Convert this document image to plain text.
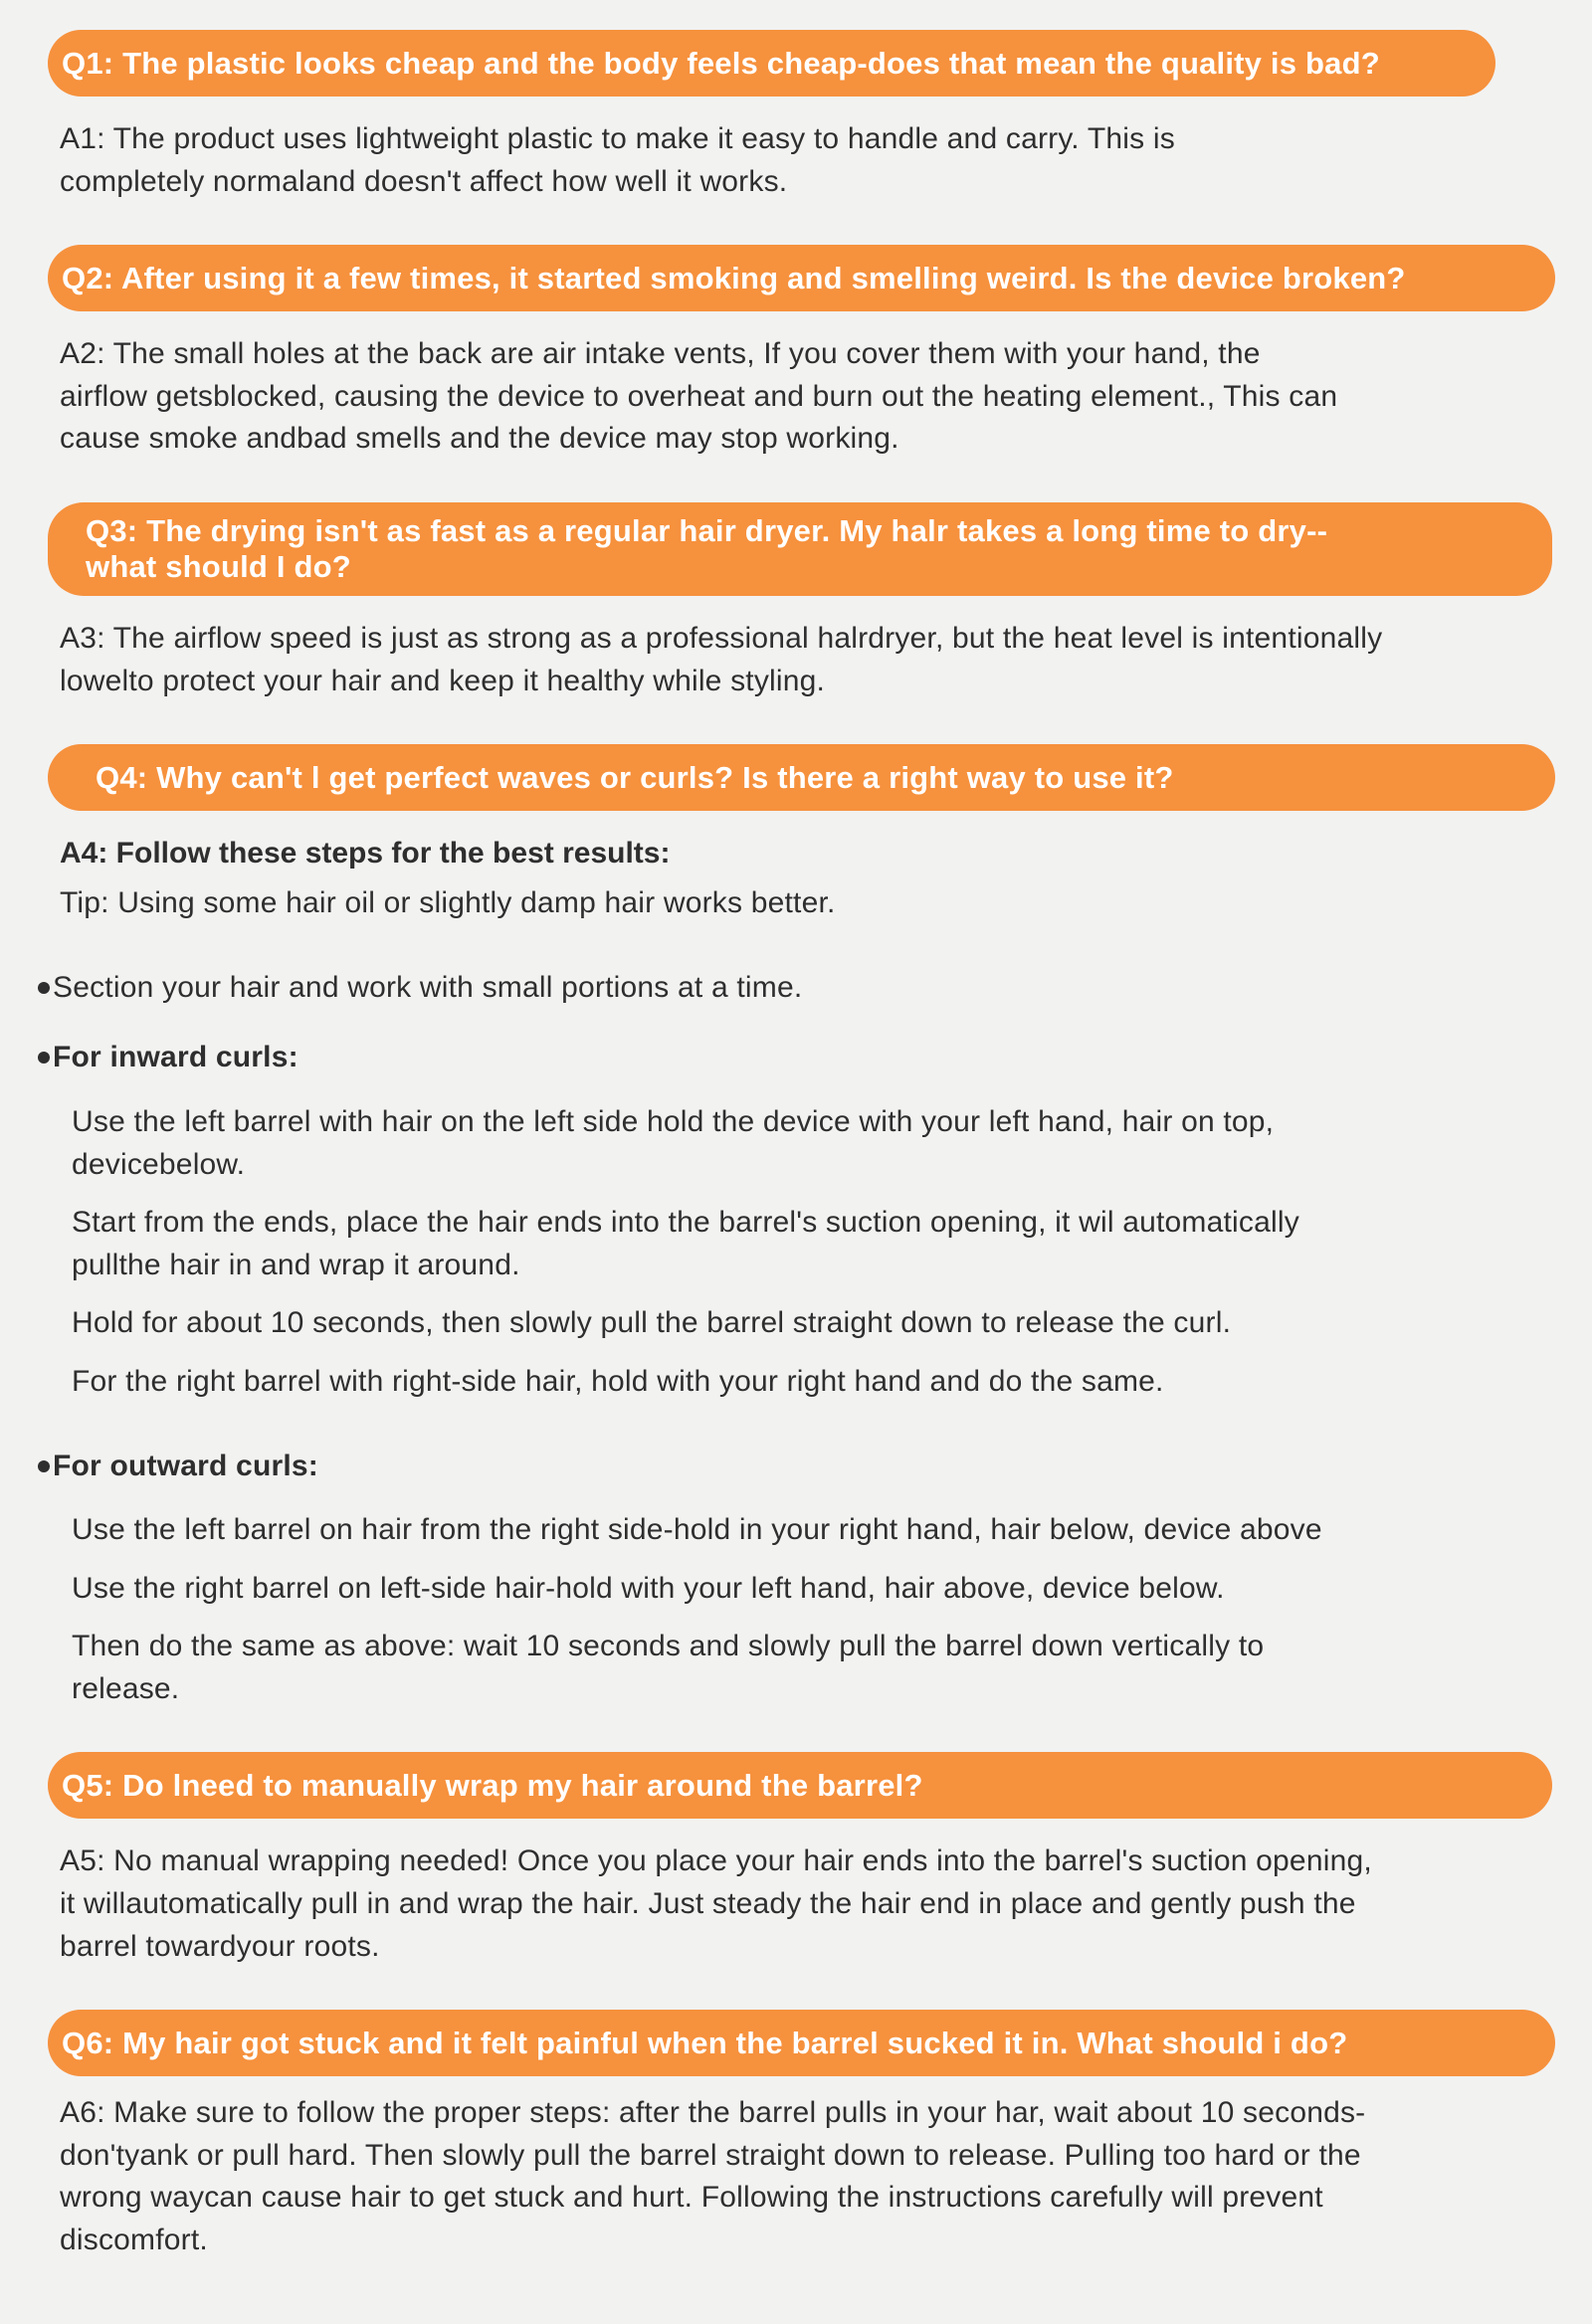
Q1: The plastic looks cheap and the body feels cheap-does that mean the quality is bad?

A1: The product uses lightweight plastic to make it easy to handle and carry. This is completely normaland doesn't affect how well it works.

Q2: After using it a few times, it started smoking and smelling weird. Is the device broken?

A2: The small holes at the back are air intake vents, If you cover them with your hand, the airflow getsblocked, causing the device to overheat and burn out the heating element., This can cause smoke andbad smells and the device may stop working.

Q3: The drying isn't as fast as a regular hair dryer. My halr takes a long time to dry--what should I do?

A3: The airflow speed is just as strong as a professional halrdryer, but the heat level is intentionally lowelto protect your hair and keep it healthy while styling.

Q4: Why can't l get perfect waves or curls? Is there a right way to use it?

A4: Follow these steps for the best results:

Tip: Using some hair oil or slightly damp hair works better.

Section your hair and work with small portions at a time.
For inward curls:

Use the left barrel with hair on the left side hold the device with your left hand, hair on top, devicebelow.

Start from the ends, place the hair ends into the barrel's suction opening, it wil automatically pullthe hair in and wrap it around.

Hold for about 10 seconds, then slowly pull the barrel straight down to release the curl.

For the right barrel with right-side hair, hold with your right hand and do the same.

For outward curls:

Use the left barrel on hair from the right side-hold in your right hand, hair below, device above

Use the right barrel on left-side hair-hold with your left hand, hair above, device below.

Then do the same as above: wait 10 seconds and slowly pull the barrel down vertically to release.

Q5: Do lneed to manually wrap my hair around the barrel?

A5: No manual wrapping needed! Once you place your hair ends into the barrel's suction opening, it willautomatically pull in and wrap the hair. Just steady the hair end in place and gently push the barrel towardyour roots.

Q6: My hair got stuck and it felt painful when the barrel sucked it in. What should i do?

A6: Make sure to follow the proper steps: after the barrel pulls in your har, wait about 10 seconds-don'tyank or pull hard. Then slowly pull the barrel straight down to release. Pulling too hard or the wrong waycan cause hair to get stuck and hurt. Following the instructions carefully will prevent discomfort.
